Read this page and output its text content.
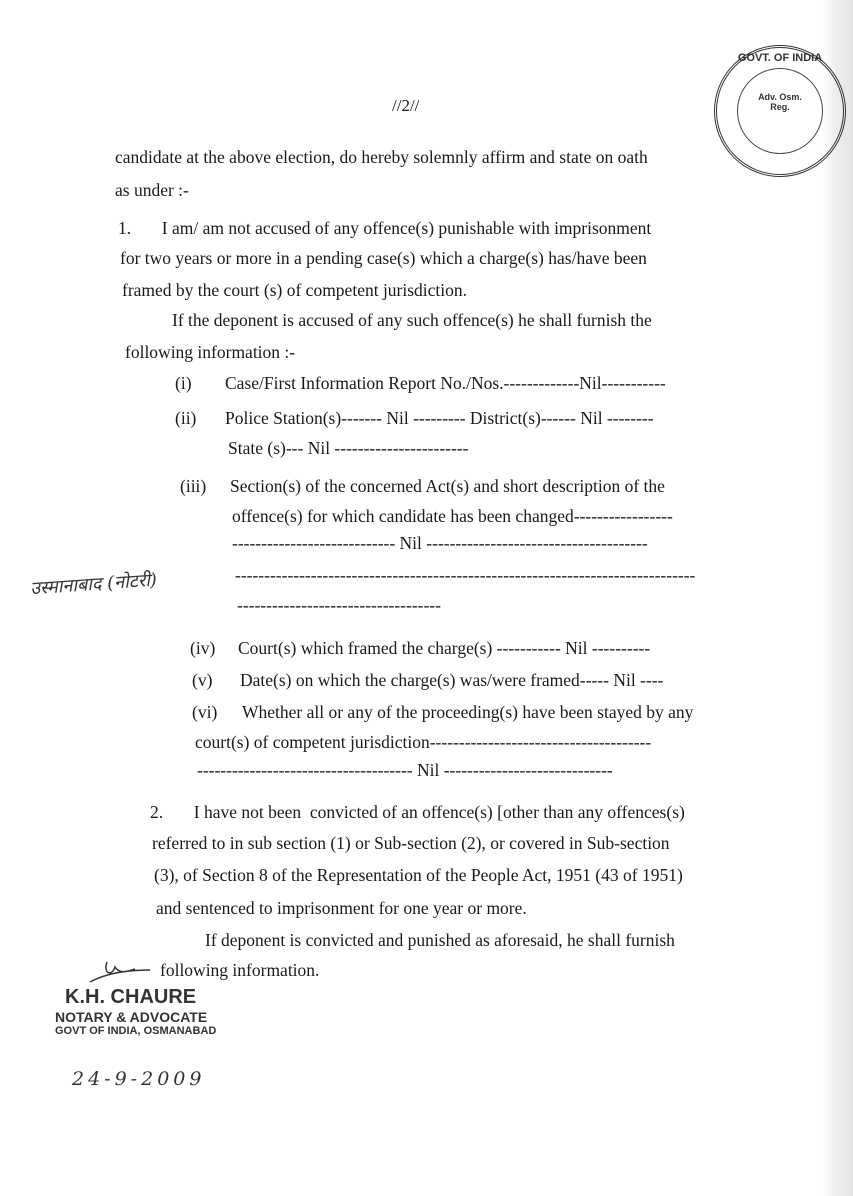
//2//
candidate at the above election, do hereby solemnly affirm and state on oath
as under :-
1.       I am/ am not accused of any offence(s) punishable with imprisonment
for two years or more in a pending case(s) which a charge(s) has/have been
framed by the court (s) of competent jurisdiction.
If the deponent is accused of any such offence(s) he shall furnish the
following information :-
(i) Case/First Information Report No./Nos.-------------Nil-----------
(ii) Police Station(s)------- Nil --------- District(s)------ Nil --------
State (s)--- Nil -----------------------
(iii) Section(s) of the concerned Act(s) and short description of the
offence(s) for which candidate has been changed-----------------
---------------------------- Nil --------------------------------------
-------------------------------------------------------------------------------
-----------------------------------
(iv) Court(s) which framed the charge(s) ----------- Nil ----------
(v) Date(s) on which the charge(s) was/were framed----- Nil ----
(vi) Whether all or any of the proceeding(s) have been stayed by any
court(s) of competent jurisdiction--------------------------------------
------------------------------------- Nil -----------------------------
2.       I have not been  convicted of an offence(s) [other than any offences(s)
referred to in sub section (1) or Sub-section (2), or covered in Sub-section
(3), of Section 8 of the Representation of the People Act, 1951 (43 of 1951)
and sentenced to imprisonment for one year or more.
If deponent is convicted and punished as aforesaid, he shall furnish
following information.
उस्मानाबाद (नोटरी)
GOVT. OF INDIA
Adv. Osm. Reg.
K.H. CHAURE
NOTARY & ADVOCATE
GOVT OF INDIA, OSMANABAD
24-9-2009
